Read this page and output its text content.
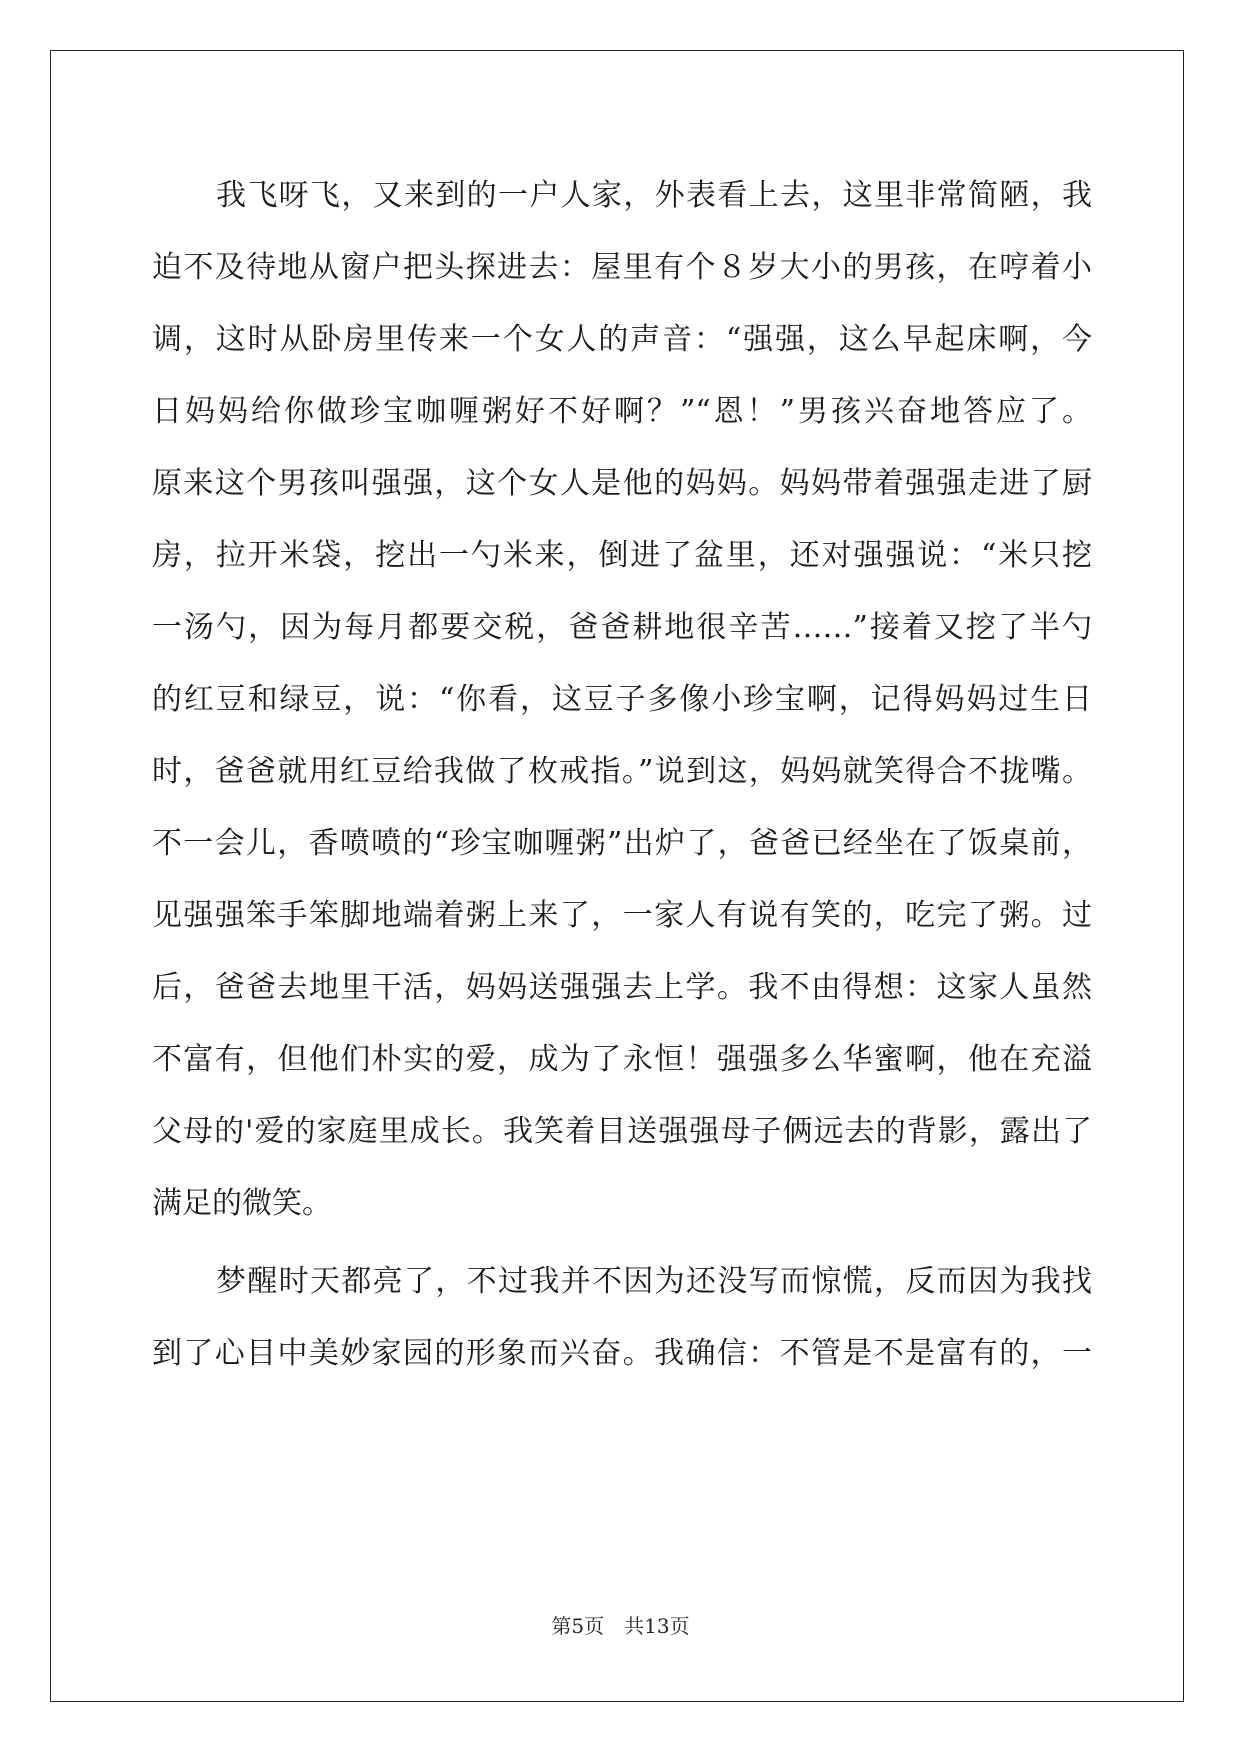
我飞呀飞，又来到的一户人家，外表看上去，这里非常简陋，我
迫不及待地从窗户把头探进去：屋里有个８岁大小的男孩，在哼着小
调，这时从卧房里传来一个女人的声音：“强强，这么早起床啊，今
日妈妈给你做珍宝咖喱粥好不好啊？”“恩！”男孩兴奋地答应了。
原来这个男孩叫强强，这个女人是他的妈妈。妈妈带着强强走进了厨
房，拉开米袋，挖出一勺米来，倒进了盆里，还对强强说：“米只挖
一汤勺，因为每月都要交税，爸爸耕地很辛苦……”接着又挖了半勺
的红豆和绿豆，说：“你看，这豆子多像小珍宝啊，记得妈妈过生日
时，爸爸就用红豆给我做了枚戒指。”说到这，妈妈就笑得合不拢嘴。
不一会儿，香喷喷的“珍宝咖喱粥”出炉了，爸爸已经坐在了饭桌前，
见强强笨手笨脚地端着粥上来了，一家人有说有笑的，吃完了粥。过
后，爸爸去地里干活，妈妈送强强去上学。我不由得想：这家人虽然
不富有，但他们朴实的爱，成为了永恒！强强多么华蜜啊，他在充溢
父母的'爱的家庭里成长。我笑着目送强强母子俩远去的背影，露出了
满足的微笑。
梦醒时天都亮了，不过我并不因为还没写而惊慌，反而因为我找
到了心目中美妙家园的形象而兴奋。我确信：不管是不是富有的，一
第5页 共13页
